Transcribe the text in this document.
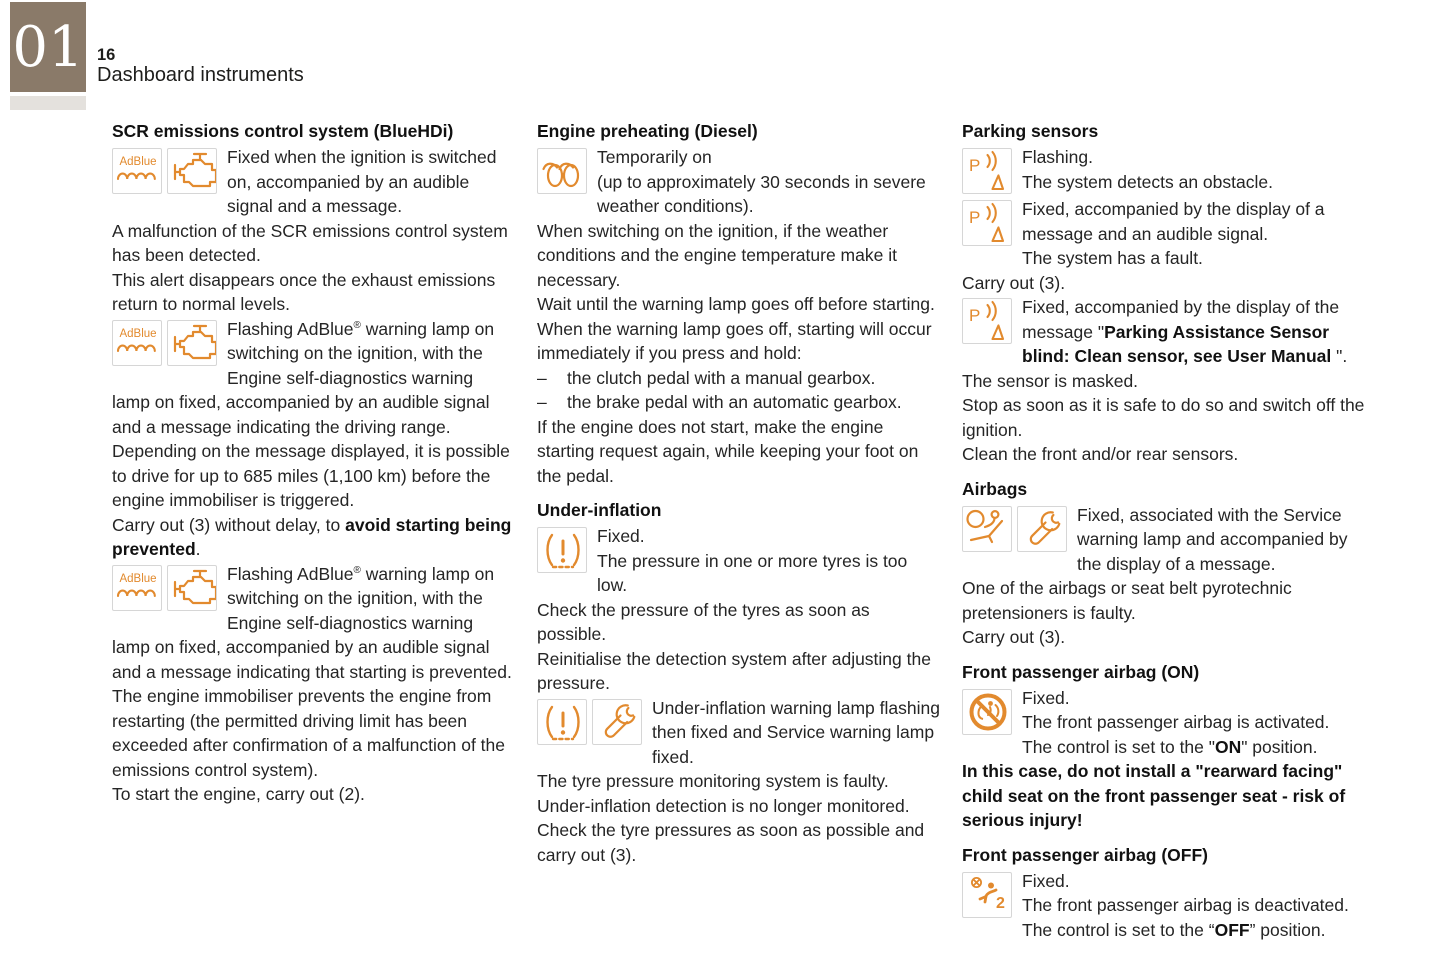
01 16
Dashboard instruments
SCR emissions control system (BlueHDi)
Fixed when the ignition is switched on, accompanied by an audible signal and a message.

A malfunction of the SCR emissions control system has been detected.

This alert disappears once the exhaust emissions return to normal levels.

Flashing AdBlue® warning lamp on switching on the ignition, with the Engine self-diagnostics warning lamp on fixed, accompanied by an audible signal and a message indicating the driving range.

Depending on the message displayed, it is possible to drive for up to 685 miles (1,100 km) before the engine immobiliser is triggered.

Carry out (3) without delay, to avoid starting being prevented.

Flashing AdBlue® warning lamp on switching on the ignition, with the Engine self-diagnostics warning lamp on fixed, accompanied by an audible signal and a message indicating that starting is prevented.

The engine immobiliser prevents the engine from restarting (the permitted driving limit has been exceeded after confirmation of a malfunction of the emissions control system).

To start the engine, carry out (2).

Engine preheating (Diesel)
Temporarily on
(up to approximately 30 seconds in severe weather conditions).

When switching on the ignition, if the weather conditions and the engine temperature make it necessary.

Wait until the warning lamp goes off before starting.

When the warning lamp goes off, starting will occur immediately if you press and hold:

–	the clutch pedal with a manual gearbox.

–	the brake pedal with an automatic gearbox.

If the engine does not start, make the engine starting request again, while keeping your foot on the pedal.

Under-inflation
Fixed.
The pressure in one or more tyres is too low.

Check the pressure of the tyres as soon as possible.

Reinitialise the detection system after adjusting the pressure.

Under-inflation warning lamp flashing then fixed and Service warning lamp fixed.

The tyre pressure monitoring system is faulty.

Under-inflation detection is no longer monitored.

Check the tyre pressures as soon as possible and carry out (3).

Parking sensors
Flashing.
The system detects an obstacle.
Fixed, accompanied by the display of a message and an audible signal.

The system has a fault.

Carry out (3).

Fixed, accompanied by the display of the message "Parking Assistance Sensor blind: Clean sensor, see User Manual ".

The sensor is masked.

Stop as soon as it is safe to do so and switch off the ignition.

Clean the front and/or rear sensors.

Airbags
Fixed, associated with the Service warning lamp and accompanied by the display of a message.

One of the airbags or seat belt pyrotechnic pretensioners is faulty.

Carry out (3).

Front passenger airbag (ON)
Fixed.
The front passenger airbag is activated.

The control is set to the "ON" position.

In this case, do not install a "rearward facing" child seat on the front passenger seat - risk of serious injury!

Front passenger airbag (OFF)
Fixed.
The front passenger airbag is deactivated.

The control is set to the “OFF” position.
